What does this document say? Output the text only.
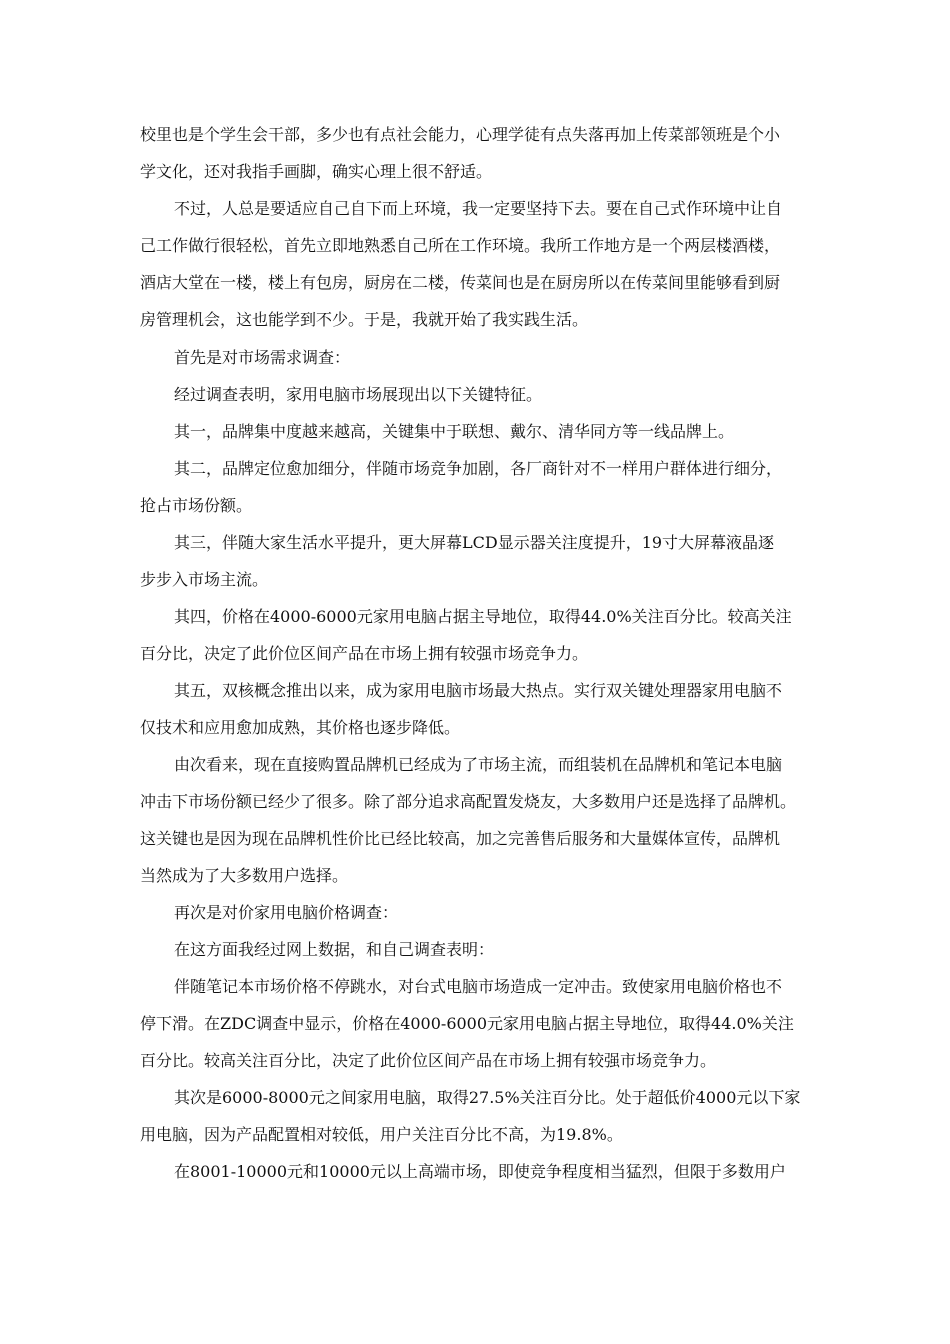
校里也是个学生会干部，多少也有点社会能力，心理学徒有点失落再加上传菜部领班是个小
学文化，还对我指手画脚，确实心理上很不舒适。
不过，人总是要适应自己自下而上环境，我一定要坚持下去。要在自己式作环境中让自
己工作做行很轻松，首先立即地熟悉自己所在工作环境。我所工作地方是一个两层楼酒楼，
酒店大堂在一楼，楼上有包房，厨房在二楼，传菜间也是在厨房所以在传菜间里能够看到厨
房管理机会，这也能学到不少。于是，我就开始了我实践生活。
首先是对市场需求调查：
经过调查表明，家用电脑市场展现出以下关键特征。
其一，品牌集中度越来越高，关键集中于联想、戴尔、清华同方等一线品牌上。
其二，品牌定位愈加细分，伴随市场竞争加剧，各厂商针对不一样用户群体进行细分，
抢占市场份额。
其三，伴随大家生活水平提升，更大屏幕LCD显示器关注度提升，19寸大屏幕液晶逐
步步入市场主流。
其四，价格在4000-6000元家用电脑占据主导地位，取得44.0%关注百分比。较高关注
百分比，决定了此价位区间产品在市场上拥有较强市场竞争力。
其五，双核概念推出以来，成为家用电脑市场最大热点。实行双关键处理器家用电脑不
仅技术和应用愈加成熟，其价格也逐步降低。
由次看来，现在直接购置品牌机已经成为了市场主流，而组装机在品牌机和笔记本电脑
冲击下市场份额已经少了很多。除了部分追求高配置发烧友，大多数用户还是选择了品牌机。
这关键也是因为现在品牌机性价比已经比较高，加之完善售后服务和大量媒体宣传，品牌机
当然成为了大多数用户选择。
再次是对价家用电脑价格调查：
在这方面我经过网上数据，和自己调查表明：
伴随笔记本市场价格不停跳水，对台式电脑市场造成一定冲击。致使家用电脑价格也不
停下滑。在ZDC调查中显示，价格在4000-6000元家用电脑占据主导地位，取得44.0%关注
百分比。较高关注百分比，决定了此价位区间产品在市场上拥有较强市场竞争力。
其次是6000-8000元之间家用电脑，取得27.5%关注百分比。处于超低价4000元以下家
用电脑，因为产品配置相对较低，用户关注百分比不高，为19.8%。
在8001-10000元和10000元以上高端市场，即使竞争程度相当猛烈，但限于多数用户
